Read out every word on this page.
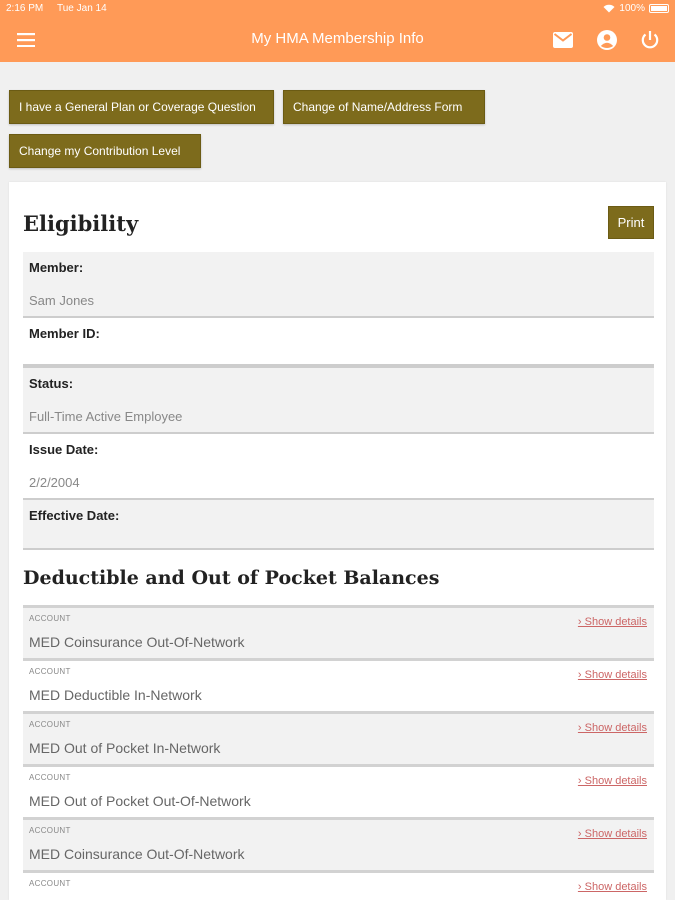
2:16 PM Tue Jan 14	100%
My HMA Membership Info
I have a General Plan or Coverage Question	Change of Name/Address Form
Change my Contribution Level
Eligibility	Print
Member:
Sam Jones
Member ID:
Status:
Full-Time Active Employee
Issue Date:
2/2/2004
Effective Date:
Deductible and Out of Pocket Balances
ACCOUNT
MED Coinsurance Out-Of-Network
› Show details
ACCOUNT
MED Deductible In-Network
› Show details
ACCOUNT
MED Out of Pocket In-Network
› Show details
ACCOUNT
MED Out of Pocket Out-Of-Network
› Show details
ACCOUNT
MED Coinsurance Out-Of-Network
› Show details
ACCOUNT	› Show details
